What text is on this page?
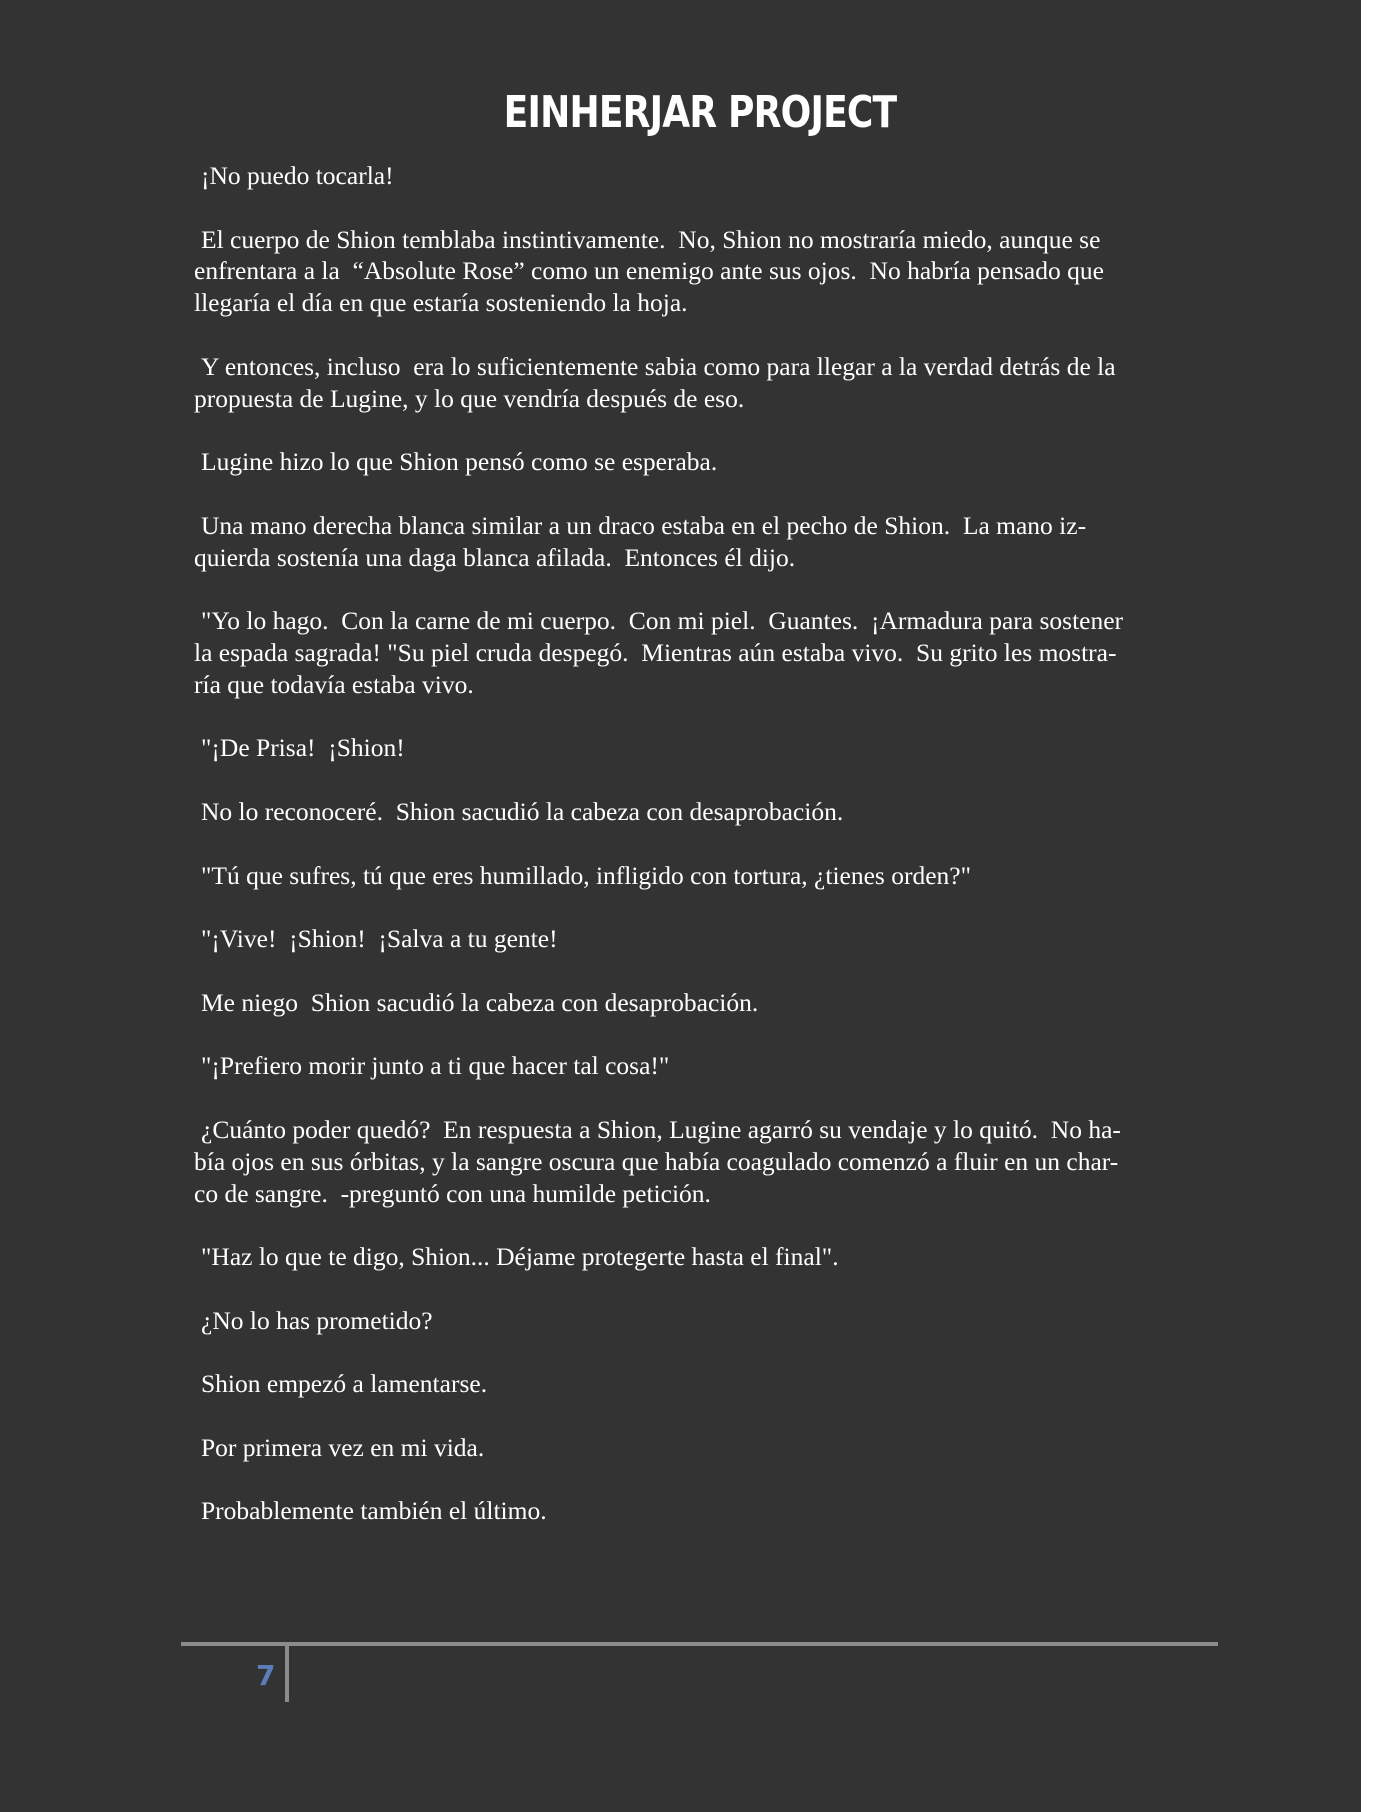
EINHERJAR PROJECT

¡No puedo tocarla!

El cuerpo de Shion temblaba instintivamente.  No, Shion no mostraría miedo, aunque se
enfrentara a la  “Absolute Rose” como un enemigo ante sus ojos.  No habría pensado que
llegaría el día en que estaría sosteniendo la hoja.

Y entonces, incluso  era lo suficientemente sabia como para llegar a la verdad detrás de la
propuesta de Lugine, y lo que vendría después de eso.

Lugine hizo lo que Shion pensó como se esperaba.

Una mano derecha blanca similar a un draco estaba en el pecho de Shion.  La mano iz-
quierda sostenía una daga blanca afilada.  Entonces él dijo.

"Yo lo hago.  Con la carne de mi cuerpo.  Con mi piel.  Guantes.  ¡Armadura para sostener
la espada sagrada! "Su piel cruda despegó.  Mientras aún estaba vivo.  Su grito les mostra-
ría que todavía estaba vivo.

"¡De Prisa!  ¡Shion!

No lo reconoceré.  Shion sacudió la cabeza con desaprobación.

"Tú que sufres, tú que eres humillado, infligido con tortura, ¿tienes orden?"

"¡Vive!  ¡Shion!  ¡Salva a tu gente!

Me niego  Shion sacudió la cabeza con desaprobación.

"¡Prefiero morir junto a ti que hacer tal cosa!"

¿Cuánto poder quedó?  En respuesta a Shion, Lugine agarró su vendaje y lo quitó.  No ha-
bía ojos en sus órbitas, y la sangre oscura que había coagulado comenzó a fluir en un char-
co de sangre.  -preguntó con una humilde petición.

"Haz lo que te digo, Shion... Déjame protegerte hasta el final".

¿No lo has prometido?

Shion empezó a lamentarse.

Por primera vez en mi vida.

Probablemente también el último.

7
